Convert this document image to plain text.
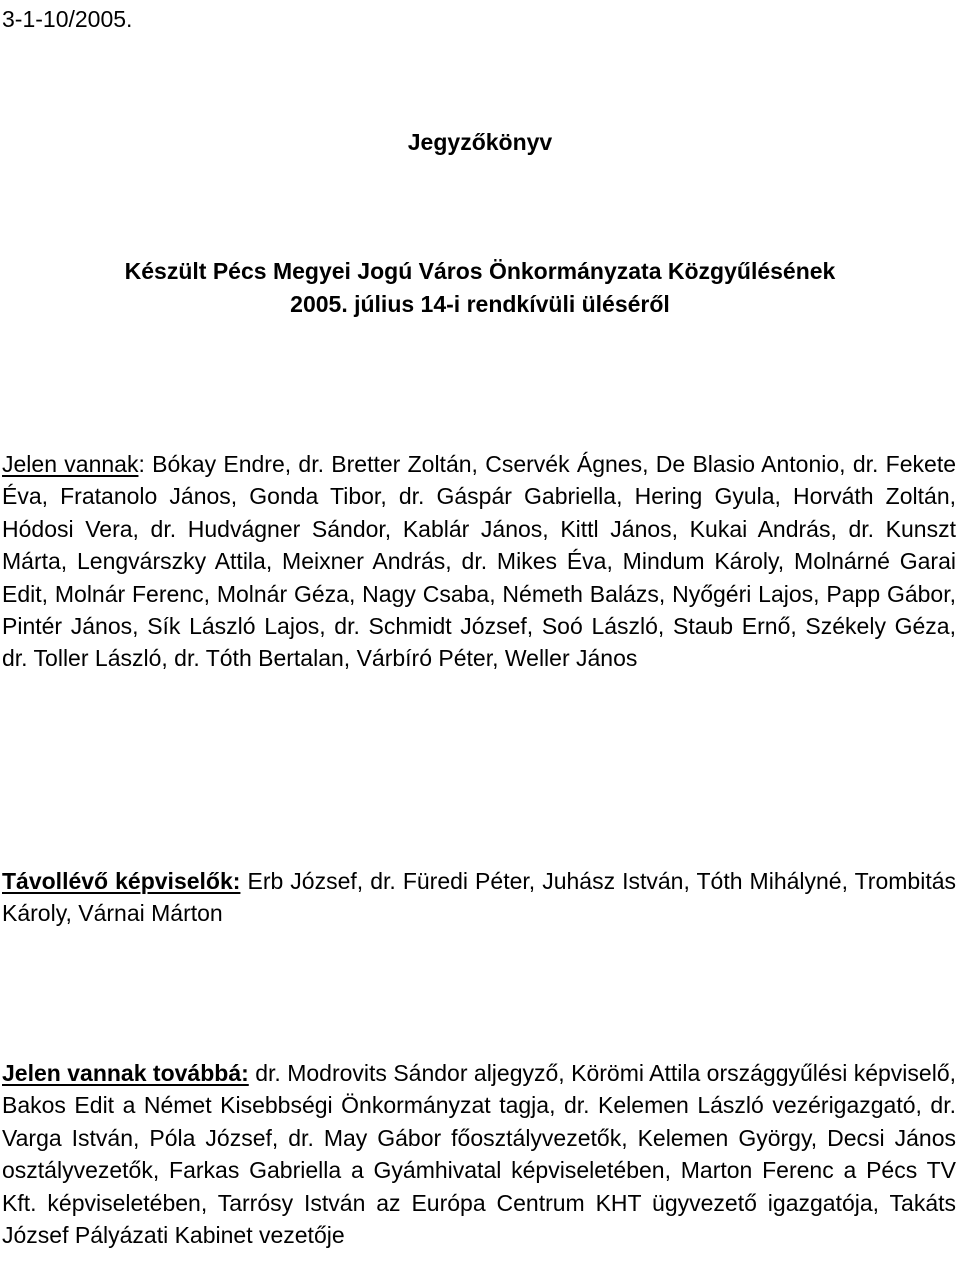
3-1-10/2005.
Jegyzőkönyv
Készült Pécs Megyei Jogú Város Önkormányzata Közgyűlésének
2005. július 14-i rendkívüli üléséről
Jelen vannak: Bókay Endre, dr. Bretter Zoltán, Cservék Ágnes, De Blasio Antonio, dr. Fekete Éva, Fratanolo János, Gonda Tibor, dr. Gáspár Gabriella, Hering Gyula, Horváth Zoltán, Hódosi Vera, dr. Hudvágner Sándor, Kablár János, Kittl János, Kukai András, dr. Kunszt Márta, Lengvárszky Attila, Meixner András, dr. Mikes Éva, Mindum Károly, Molnárné Garai Edit, Molnár Ferenc, Molnár Géza, Nagy Csaba, Németh Balázs, Nyőgéri Lajos, Papp Gábor, Pintér János, Sík László Lajos, dr. Schmidt József, Soó László, Staub Ernő, Székely Géza, dr. Toller László, dr. Tóth Bertalan, Várbíró Péter, Weller János
Távollévő képviselők: Erb József, dr. Füredi Péter, Juhász István, Tóth Mihályné, Trombitás Károly, Várnai Márton
Jelen vannak továbbá: dr. Modrovits Sándor aljegyző, Körömi Attila országgyűlési képviselő, Bakos Edit a Német Kisebbségi Önkormányzat tagja, dr. Kelemen László vezérigazgató, dr. Varga István, Póla József, dr. May Gábor főosztályvezetők, Kelemen György, Decsi János osztályvezetők, Farkas Gabriella a Gyámhivatal képviseletében, Marton Ferenc a Pécs TV Kft. képviseletében, Tarrósy István az Európa Centrum KHT ügyvezető igazgatója, Takáts József Pályázati Kabinet vezetője
